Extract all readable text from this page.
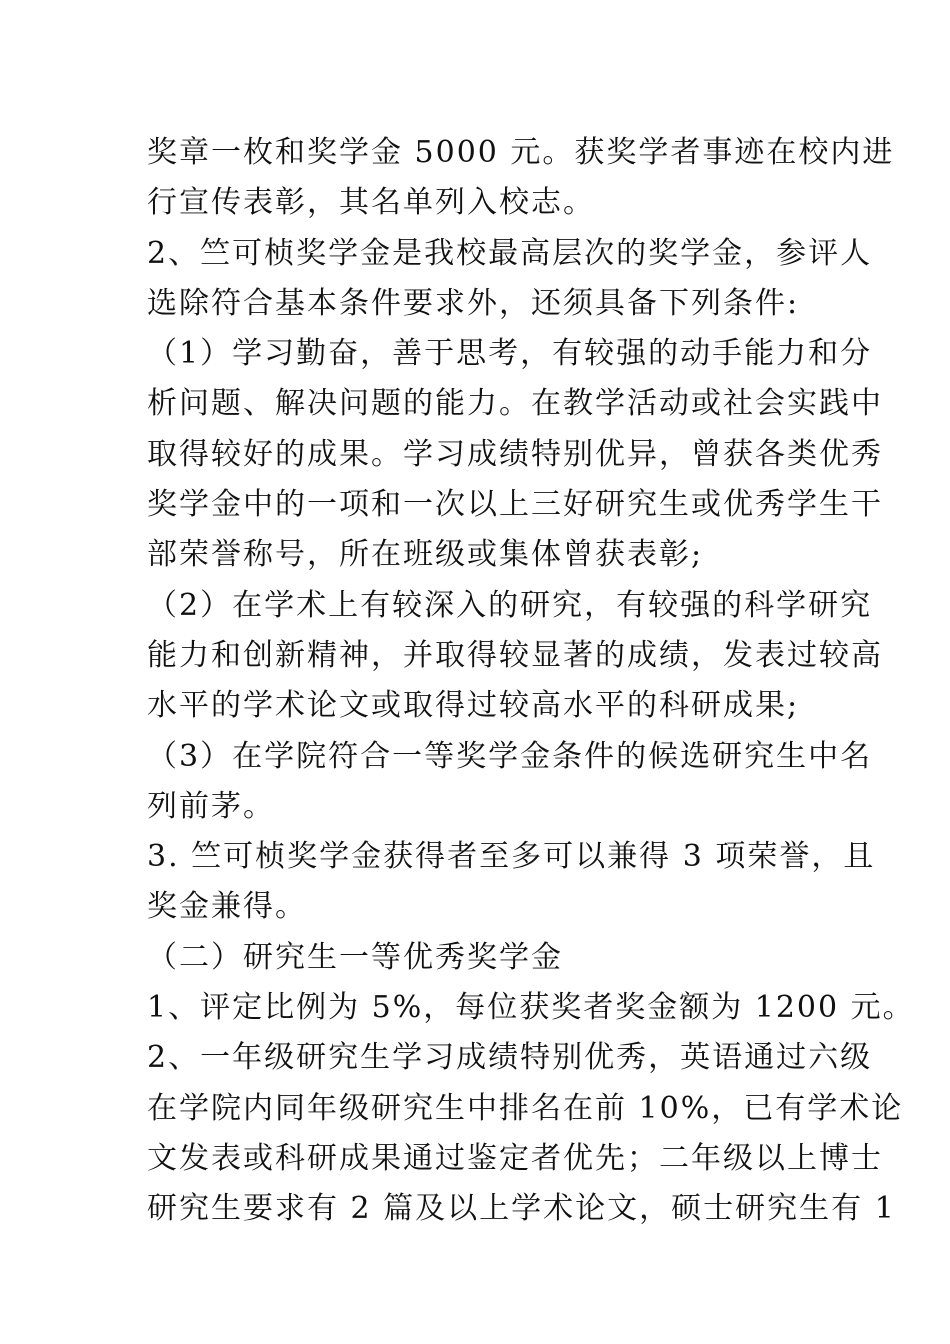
奖章一枚和奖学金 5000 元。获奖学者事迹在校内进
行宣传表彰，其名单列入校志。
2、竺可桢奖学金是我校最高层次的奖学金，参评人
选除符合基本条件要求外，还须具备下列条件:
（1）学习勤奋，善于思考，有较强的动手能力和分
析问题、解决问题的能力。在教学活动或社会实践中
取得较好的成果。学习成绩特别优异，曾获各类优秀
奖学金中的一项和一次以上三好研究生或优秀学生干
部荣誉称号，所在班级或集体曾获表彰;
（2）在学术上有较深入的研究，有较强的科学研究
能力和创新精神，并取得较显著的成绩，发表过较高
水平的学术论文或取得过较高水平的科研成果;
（3）在学院符合一等奖学金条件的候选研究生中名
列前茅。
3. 竺可桢奖学金获得者至多可以兼得 3 项荣誉，且
奖金兼得。
（二）研究生一等优秀奖学金
1、评定比例为 5%，每位获奖者奖金额为 1200 元。
2、一年级研究生学习成绩特别优秀，英语通过六级
在学院内同年级研究生中排名在前 10%，已有学术论
文发表或科研成果通过鉴定者优先；二年级以上博士
研究生要求有 2 篇及以上学术论文，硕士研究生有 1
